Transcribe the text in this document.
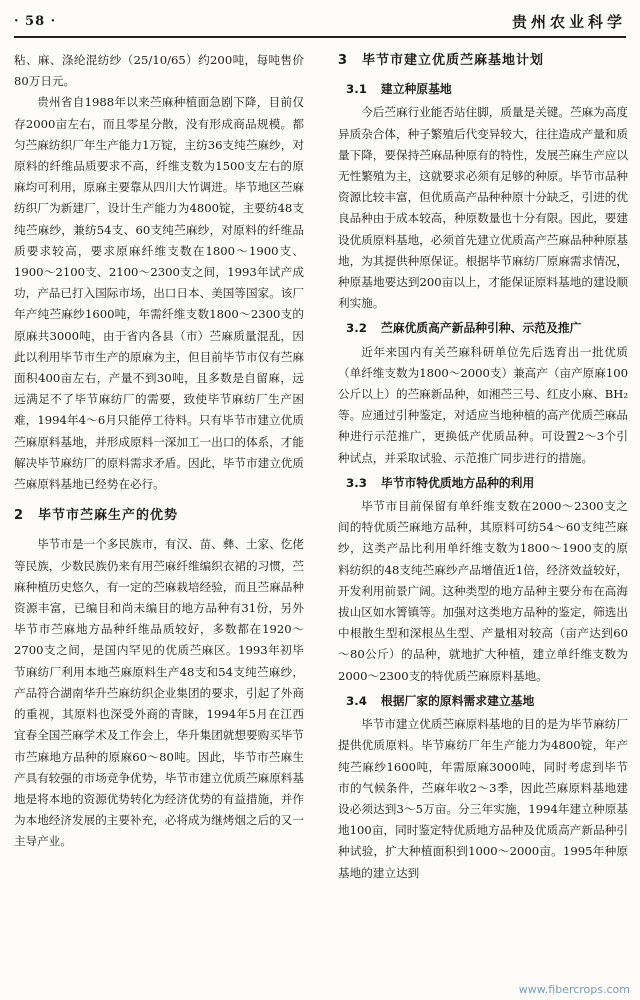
· 58 ·	贵州农业科学

粘、麻、涤纶混纺纱（25/10/65）约200吨，每吨售价80万日元。

贵州省自1988年以来苎麻种植面急剧下降，目前仅存2000亩左右，而且零星分散，没有形成商品规模。都匀苎麻纺织厂年生产能力1万锭，主纺36支纯苎麻纱，对原料的纤维品质要求不高，纤维支数为1500支左右的原麻均可利用，原麻主要靠从四川大竹调进。毕节地区苎麻纺织厂为新建厂，设计生产能力为4800锭，主要纺48支纯苎麻纱，兼纺54支、60支纯苎麻纱，对原料的纤维品质要求较高，要求原麻纤维支数在1800～1900支、1900～2100支、2100～2300支之间，1993年试产成功，产品已打入国际市场，出口日本、美国等国家。该厂年产纯苎麻纱1600吨，年需纤维支数1800～2300支的原麻共3000吨，由于省内各县（市）苎麻质量混乱，因此以利用毕节市生产的原麻为主，但目前毕节市仅有苎麻面积400亩左右，产量不到30吨，且多数是自留麻，远远满足不了毕节麻纺厂的需要，致使毕节麻纺厂生产困难，1994年4～6月只能停工待料。只有毕节市建立优质苎麻原料基地，并形成原料一深加工一出口的体系，才能解决毕节麻纺厂的原料需求矛盾。因此，毕节市建立优质苎麻原料基地已经势在必行。

2 毕节市苎麻生产的优势

毕节市是一个多民族市，有汉、苗、彝、土家、仡佬等民族，少数民族仍来有用苎麻纤维编织衣裙的习惯，苎麻种植历史悠久，有一定的苎麻栽培经验，而且苎麻品种资源丰富，已编目和尚未编目的地方品种有31份，另外毕节市苎麻地方品种纤维品质较好，多数都在1920～2700支之间，是国内罕见的优质苎麻区。1993年初毕节麻纺厂利用本地苎麻原料生产48支和54支纯苎麻纱，产品符合湖南华升苎麻纺织企业集团的要求，引起了外商的重视，其原料也深受外商的青睐，1994年5月在江西宜春全国苎麻学术及工作会上，华升集团就想要购买毕节市苎麻地方品种的原麻60～80吨。因此，毕节市苎麻生产具有较强的市场竞争优势，毕节市建立优质苎麻原料基地是将本地的资源优势转化为经济优势的有益措施，并作为本地经济发展的主要补充，必将成为继烤烟之后的又一主导产业。

3 毕节市建立优质苎麻基地计划
3.1 建立种原基地

今后苎麻行业能否站住脚，质量是关键。苎麻为高度异质杂合体，种子繁殖后代变异较大，往往造成产量和质量下降，要保持苎麻品种原有的特性，发展苎麻生产应以无性繁殖为主，这就要求必须有足够的种原。毕节市品种资源比较丰富，但优质高产品种种原十分缺乏，引进的优良品种由于成本较高，种原数量也十分有限。因此，要建设优质原料基地，必须首先建立优质高产苎麻品种种原基地，为其提供种原保证。根据毕节麻纺厂原麻需求情况，种原基地要达到200亩以上，才能保证原料基地的建设顺利实施。

3.2 苎麻优质高产新品种引种、示范及推广

近年来国内有关苎麻科研单位先后选育出一批优质（单纤维支数为1800～2000支）兼高产（亩产原麻100公斤以上）的苎麻新品种，如湘苎三号、红皮小麻、BH₂等。应通过引种鉴定，对适应当地种植的高产优质苎麻品种进行示范推广，更换低产优质品种。可设置2～3个引种试点，并采取试验、示范推广同步进行的措施。

3.3 毕节市特优质地方品种的利用

毕节市目前保留有单纤维支数在2000～2300支之间的特优质苎麻地方品种，其原料可纺54～60支纯苎麻纱，这类产品比利用单纤维支数为1800～1900支的原料纺织的48支纯苎麻纱产品增值近1倍，经济效益较好，开发利用前景广阔。这种类型的地方品种主要分布在高海拔山区如水箐镇等。加强对这类地方品种的鉴定，筛选出中根散生型和深根丛生型、产量相对较高（亩产达到60～80公斤）的品种，就地扩大种植，建立单纤维支数为2000～2300支的特优质苎麻原料基地。

3.4 根据厂家的原料需求建立基地

毕节市建立优质苎麻原料基地的目的是为毕节麻纺厂提供优质原料。毕节麻纺厂年生产能力为4800锭，年产纯苎麻纱1600吨，年需原麻3000吨，同时考虑到毕节市的气候条件，苎麻年收2～3季，因此苎麻原料基地建设必须达到3～5万亩。分三年实施，1994年建立种原基地100亩，同时鉴定特优质地方品种及优质高产新品种引种试验，扩大种植面积到1000～2000亩。1995年种原基地的建立达到

www.fibercrops.com
